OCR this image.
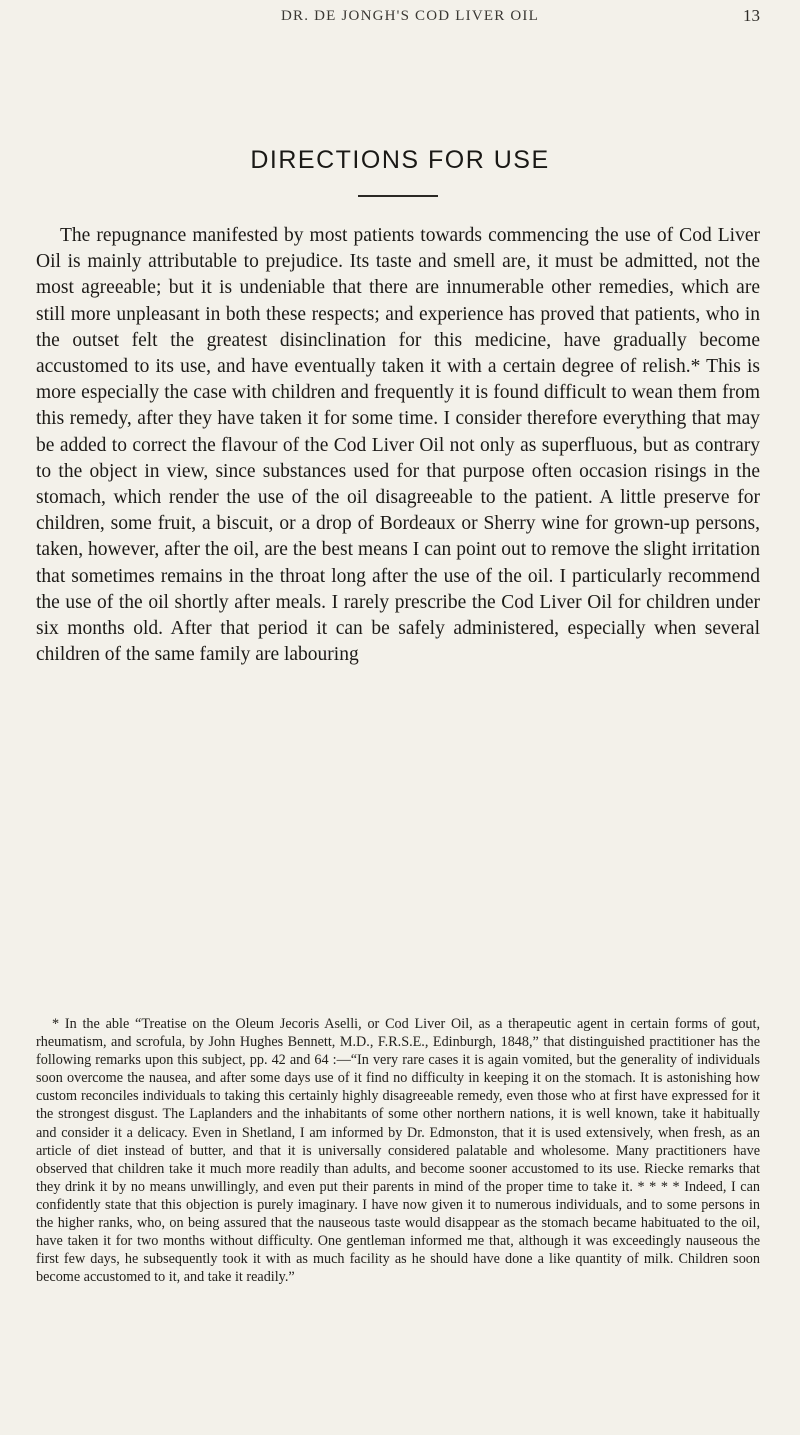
DR. DE JONGH'S COD LIVER OIL	13
DIRECTIONS FOR USE

The repugnance manifested by most patients towards commencing the use of Cod Liver Oil is mainly attributable to prejudice. Its taste and smell are, it must be admitted, not the most agreeable; but it is undeniable that there are innumerable other remedies, which are still more unpleasant in both these respects; and experience has proved that patients, who in the outset felt the greatest disinclination for this medicine, have gradually become accustomed to its use, and have eventually taken it with a certain degree of relish.* This is more especially the case with children and frequently it is found difficult to wean them from this remedy, after they have taken it for some time. I consider therefore everything that may be added to correct the flavour of the Cod Liver Oil not only as superfluous, but as contrary to the object in view, since substances used for that purpose often occasion risings in the stomach, which render the use of the oil disagreeable to the patient. A little preserve for children, some fruit, a biscuit, or a drop of Bordeaux or Sherry wine for grown-up persons, taken, however, after the oil, are the best means I can point out to remove the slight irritation that sometimes remains in the throat long after the use of the oil. I particularly recommend the use of the oil shortly after meals. I rarely prescribe the Cod Liver Oil for children under six months old. After that period it can be safely administered, especially when several children of the same family are labouring

* In the able “Treatise on the Oleum Jecoris Aselli, or Cod Liver Oil, as a therapeutic agent in certain forms of gout, rheumatism, and scrofula, by John Hughes Bennett, M.D., F.R.S.E., Edinburgh, 1848,” that distinguished practitioner has the following remarks upon this subject, pp. 42 and 64 :—“In very rare cases it is again vomited, but the generality of individuals soon overcome the nausea, and after some days use of it find no difficulty in keeping it on the stomach. It is astonishing how custom reconciles individuals to taking this certainly highly disagreeable remedy, even those who at first have expressed for it the strongest disgust. The Laplanders and the inhabitants of some other northern nations, it is well known, take it habitually and consider it a delicacy. Even in Shetland, I am informed by Dr. Edmonston, that it is used extensively, when fresh, as an article of diet instead of butter, and that it is universally considered palatable and wholesome. Many practitioners have observed that children take it much more readily than adults, and become sooner accustomed to its use. Riecke remarks that they drink it by no means unwillingly, and even put their parents in mind of the proper time to take it. * * * * Indeed, I can confidently state that this objection is purely imaginary. I have now given it to numerous individuals, and to some persons in the higher ranks, who, on being assured that the nauseous taste would disappear as the stomach became habituated to the oil, have taken it for two months without difficulty. One gentleman informed me that, although it was exceedingly nauseous the first few days, he subsequently took it with as much facility as he should have done a like quantity of milk. Children soon become accustomed to it, and take it readily.”
